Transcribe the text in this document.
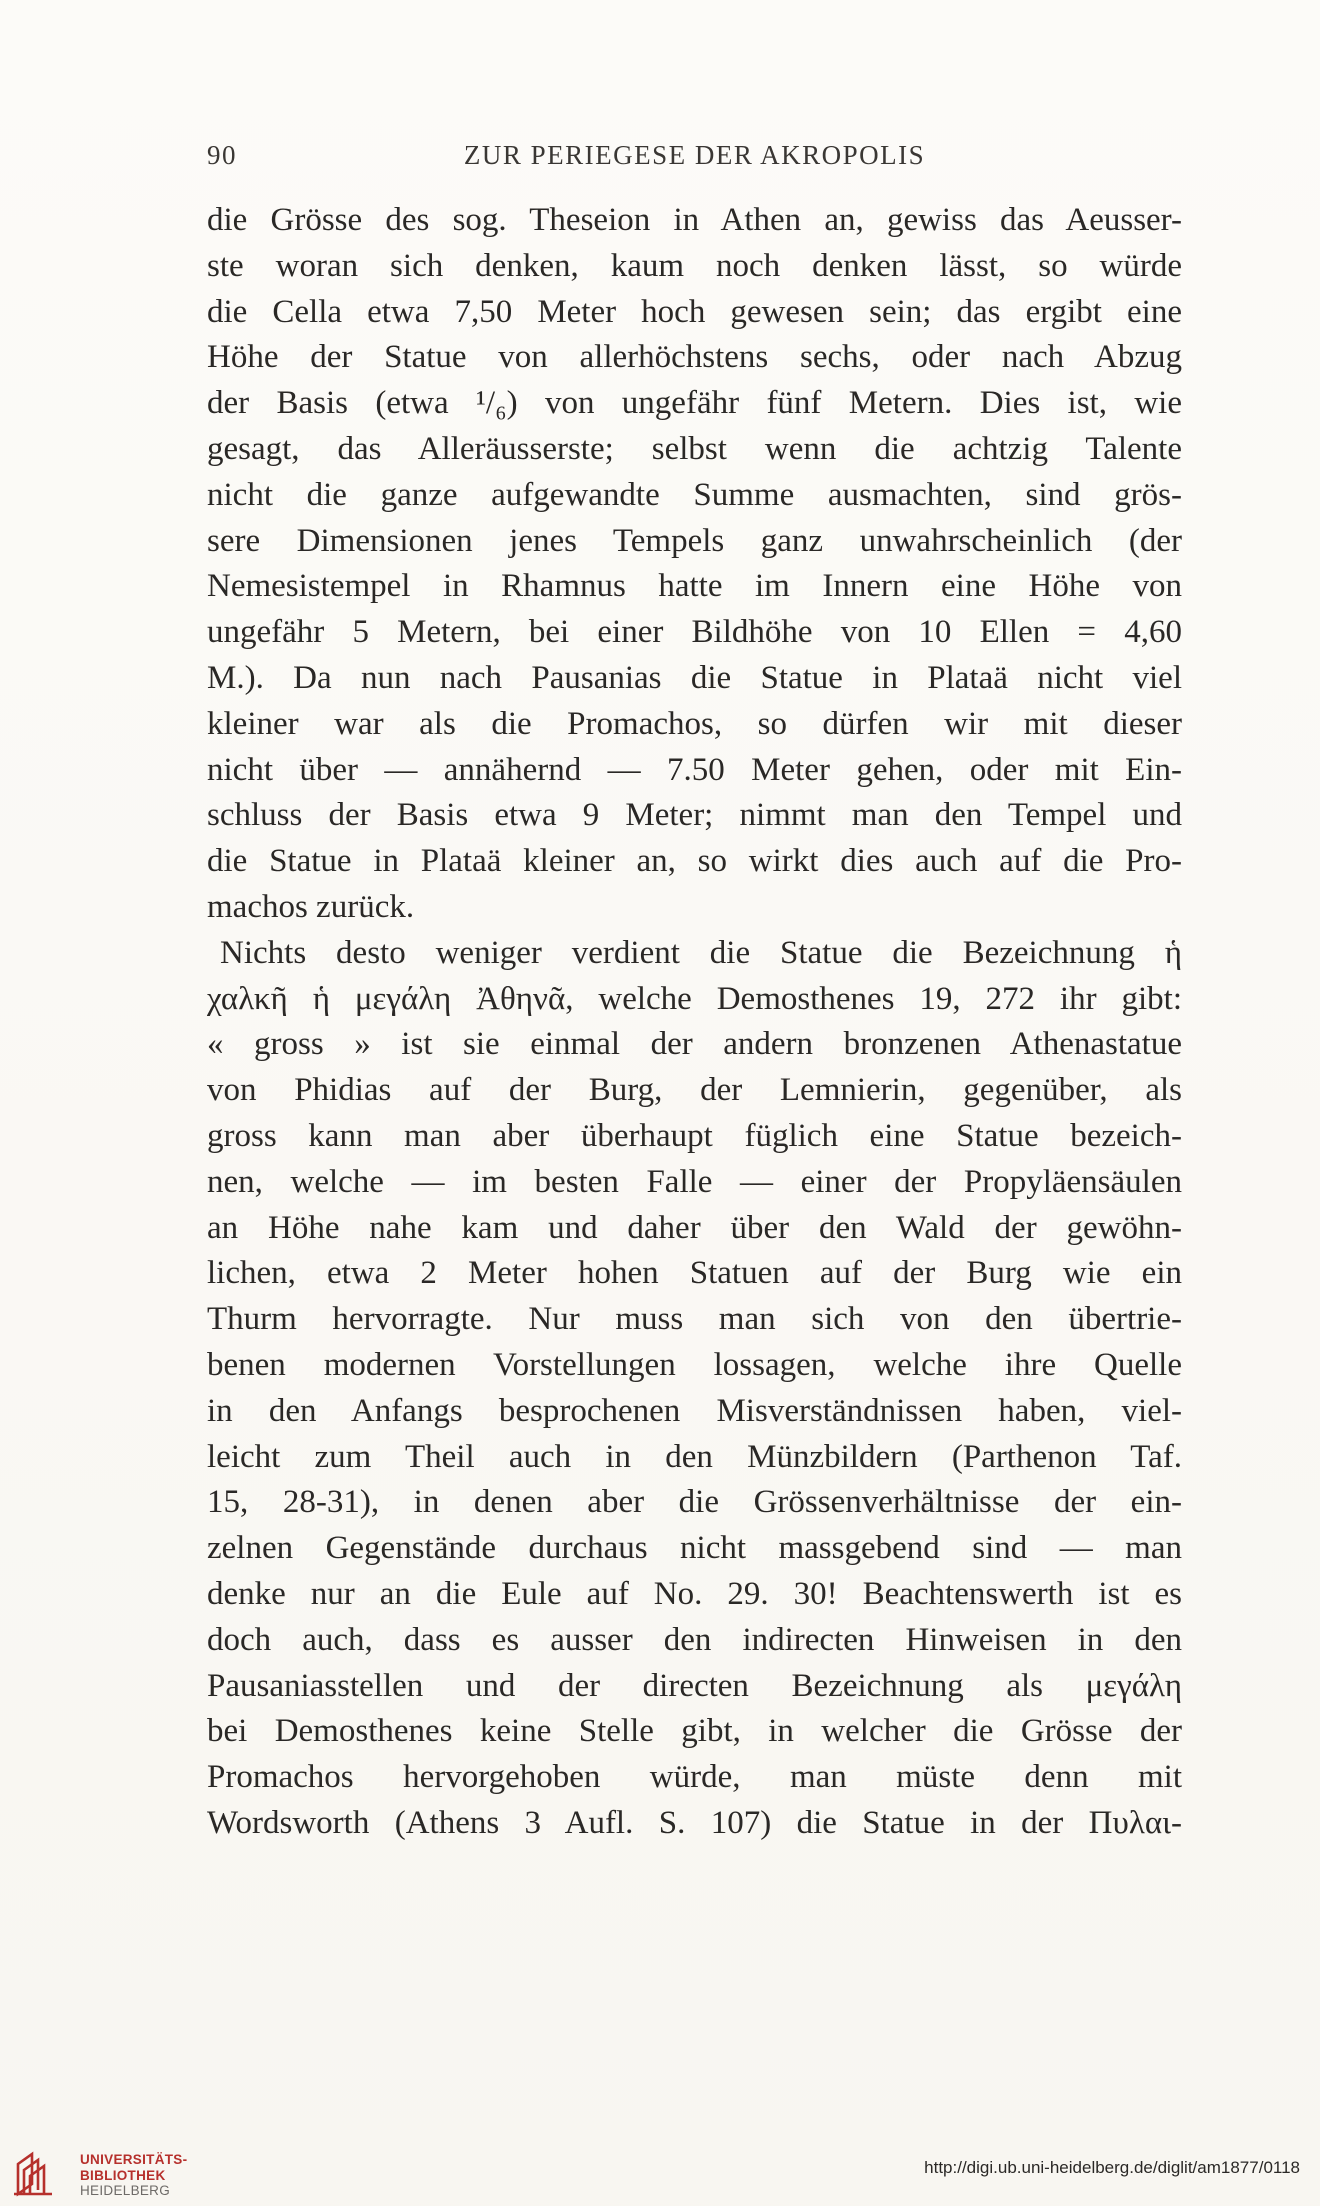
90	ZUR PERIEGESE DER AKROPOLIS
die Grösse des sog. Theseion in Athen an, gewiss das Aeusser-
ste woran sich denken, kaum noch denken lässt, so würde
die Cella etwa 7,50 Meter hoch gewesen sein; das ergibt eine
Höhe der Statue von allerhöchstens sechs, oder nach Abzug
der Basis (etwa ¹/₆) von ungefähr fünf Metern. Dies ist, wie
gesagt, das Alleräusserste; selbst wenn die achtzig Talente
nicht die ganze aufgewandte Summe ausmachten, sind grös-
sere Dimensionen jenes Tempels ganz unwahrscheinlich (der
Nemesistempel in Rhamnus hatte im Innern eine Höhe von
ungefähr 5 Metern, bei einer Bildhöhe von 10 Ellen = 4,60
M.). Da nun nach Pausanias die Statue in Plataä nicht viel
kleiner war als die Promachos, so dürfen wir mit dieser
nicht über — annähernd — 7.50 Meter gehen, oder mit Ein-
schluss der Basis etwa 9 Meter; nimmt man den Tempel und
die Statue in Plataä kleiner an, so wirkt dies auch auf die Pro-
machos zurück.
Nichts desto weniger verdient die Statue die Bezeichnung ἡ
χαλκῆ ἡ μεγάλη Ἀθηνᾶ, welche Demosthenes 19, 272 ihr gibt:
« gross » ist sie einmal der andern bronzenen Athenastatue
von Phidias auf der Burg, der Lemnierin, gegenüber, als
gross kann man aber überhaupt füglich eine Statue bezeich-
nen, welche — im besten Falle — einer der Propyläensäulen
an Höhe nahe kam und daher über den Wald der gewöhn-
lichen, etwa 2 Meter hohen Statuen auf der Burg wie ein
Thurm hervorragte. Nur muss man sich von den übertrie-
benen modernen Vorstellungen lossagen, welche ihre Quelle
in den Anfangs besprochenen Misverständnissen haben, viel-
leicht zum Theil auch in den Münzbildern (Parthenon Taf.
15, 28-31), in denen aber die Grössenverhältnisse der ein-
zelnen Gegenstände durchaus nicht massgebend sind — man
denke nur an die Eule auf No. 29. 30! Beachtenswerth ist es
doch auch, dass es ausser den indirecten Hinweisen in den
Pausaniasstellen und der directen Bezeichnung als μεγάλη
bei Demosthenes keine Stelle gibt, in welcher die Grösse der
Promachos hervorgehoben würde, man müste denn mit
Wordsworth (Athens 3 Aufl. S. 107) die Statue in der Πυλαι-
UNIVERSITÄTS-
BIBLIOTHEK
HEIDELBERG
http://digi.ub.uni-heidelberg.de/diglit/am1877/0118
